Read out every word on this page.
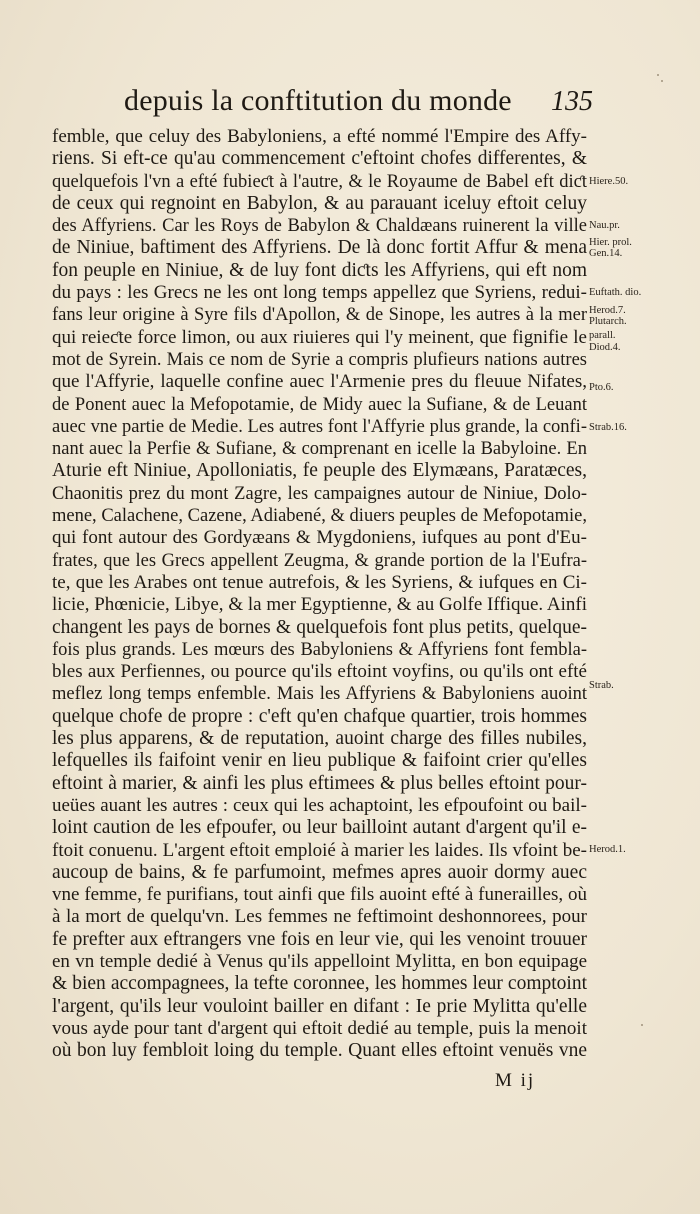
depuis la conftitution du monde 135
femble, que celuy des Babyloniens, a efté nommé l'Empire des Affy-
riens. Si eft-ce qu'au commencement c'eftoint chofes differentes, &
quelquefois l'vn a efté fubieƈt à l'autre, & le Royaume de Babel eft diƈt
de ceux qui regnoint en Babylon, & au parauant iceluy eftoit celuy
des Affyriens. Car les Roys de Babylon & Chaldæans ruinerent la ville
de Niniue, baftiment des Affyriens. De là donc fortit Affur & mena
fon peuple en Niniue, & de luy font diƈts les Affyriens, qui eft nom
du pays : les Grecs ne les ont long temps appellez que Syriens, redui-
fans leur origine à Syre fils d'Apollon, & de Sinope, les autres à la mer
qui reieƈte force limon, ou aux riuieres qui l'y meinent, que fignifie le
mot de Syrein. Mais ce nom de Syrie a compris plufieurs nations autres
que l'Affyrie, laquelle confine auec l'Armenie pres du fleuue Nifates,
de Ponent auec la Mefopotamie, de Midy auec la Sufiane, & de Leuant
auec vne partie de Medie. Les autres font l'Affyrie plus grande, la confi-
nant auec la Perfie & Sufiane, & comprenant en icelle la Babyloine. En
Aturie eft Niniue, Apolloniatis, fe peuple des Elymæans, Paratæces,
Chaonitis prez du mont Zagre, les campaignes autour de Niniue, Dolo-
mene, Calachene, Cazene, Adiabené, & diuers peuples de Mefopotamie,
qui font autour des Gordyæans & Mygdoniens, iufques au pont d'Eu-
frates, que les Grecs appellent Zeugma, & grande portion de la l'Eufra-
te, que les Arabes ont tenue autrefois, & les Syriens, & iufques en Ci-
licie, Phœnicie, Libye, & la mer Egyptienne, & au Golfe Iffique. Ainfi
changent les pays de bornes & quelquefois font plus petits, quelque-
fois plus grands. Les mœurs des Babyloniens & Affyriens font fembla-
bles aux Perfiennes, ou pource qu'ils eftoint voyfins, ou qu'ils ont efté
meflez long temps enfemble. Mais les Affyriens & Babyloniens auoint
quelque chofe de propre : c'eft qu'en chafque quartier, trois hommes
les plus apparens, & de reputation, auoint charge des filles nubiles,
lefquelles ils faifoint venir en lieu publique & faifoint crier qu'elles
eftoint à marier, & ainfi les plus eftimees & plus belles eftoint pour-
ueües auant les autres : ceux qui les achaptoint, les efpoufoint ou bail-
loint caution de les efpoufer, ou leur bailloint autant d'argent qu'il e-
ftoit conuenu. L'argent eftoit emploié à marier les laides. Ils vfoint be-
aucoup de bains, & fe parfumoint, mefmes apres auoir dormy auec
vne femme, fe purifians, tout ainfi que fils auoint efté à funerailles, où
à la mort de quelqu'vn. Les femmes ne feftimoint deshonnorees, pour
fe prefter aux eftrangers vne fois en leur vie, qui les venoint trouuer
en vn temple dedié à Venus qu'ils appelloint Mylitta, en bon equipage
& bien accompagnees, la tefte coronnee, les hommes leur comptoint
l'argent, qu'ils leur vouloint bailler en difant : Ie prie Mylitta qu'elle
vous ayde pour tant d'argent qui eftoit dedié au temple, puis la menoit
où bon luy fembloit loing du temple. Quant elles eftoint venuës vne
Hiere.50.
Nau.pr.
Hier. prol.
Gen.14.
Euftath. dio.
Herod.7.
Plutarch.
parall.
Diod.4.
Pto.6.
Strab.16.
Strab.
Herod.1.
M ij
